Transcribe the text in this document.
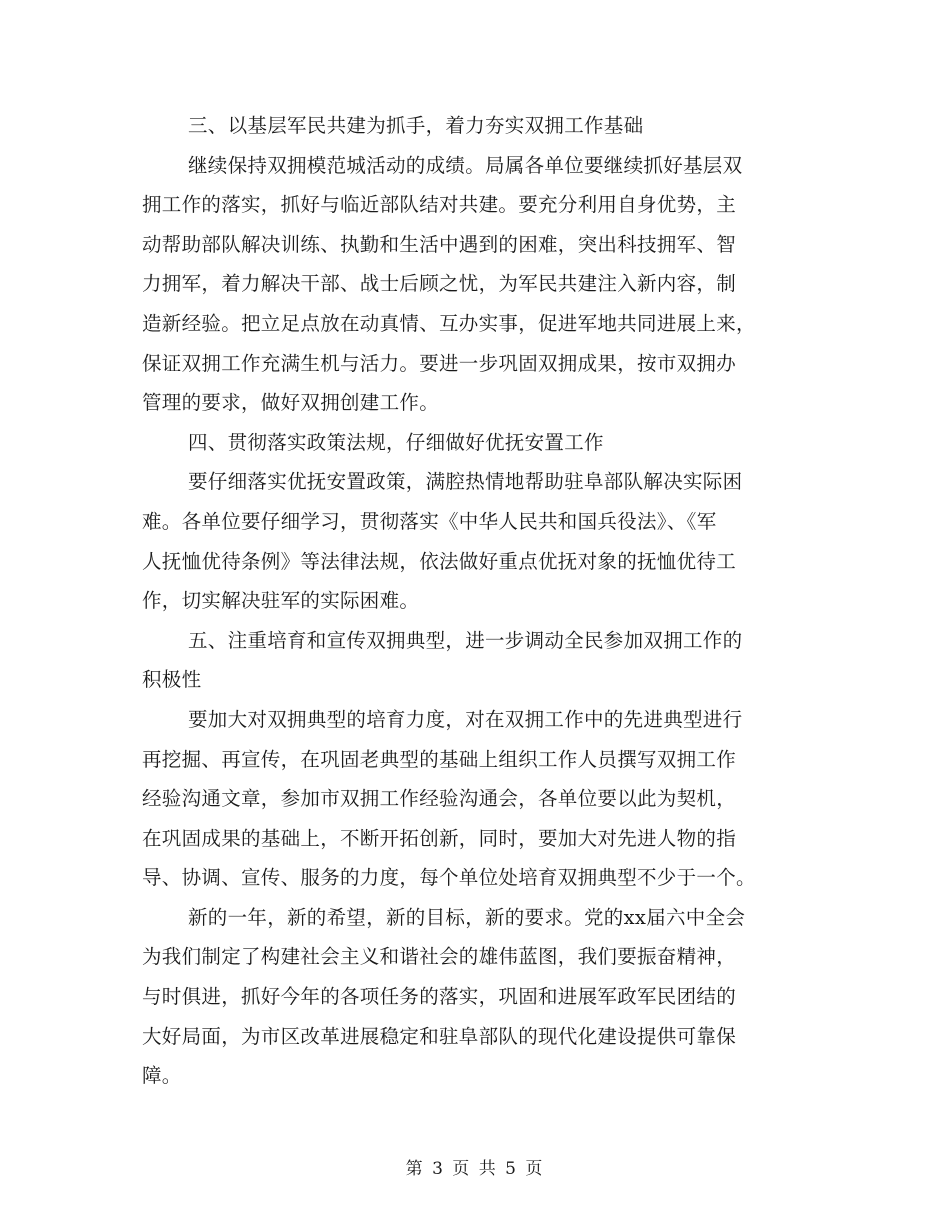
三、以基层军民共建为抓手，着力夯实双拥工作基础
继续保持双拥模范城活动的成绩。局属各单位要继续抓好基层双
拥工作的落实，抓好与临近部队结对共建。要充分利用自身优势，主
动帮助部队解决训练、执勤和生活中遇到的困难，突出科技拥军、智
力拥军，着力解决干部、战士后顾之忧，为军民共建注入新内容，制
造新经验。把立足点放在动真情、互办实事，促进军地共同进展上来，
保证双拥工作充满生机与活力。要进一步巩固双拥成果，按市双拥办
管理的要求，做好双拥创建工作。
四、贯彻落实政策法规，仔细做好优抚安置工作
要仔细落实优抚安置政策，满腔热情地帮助驻阜部队解决实际困
难。各单位要仔细学习，贯彻落实《中华人民共和国兵役法》、《军
人抚恤优待条例》等法律法规，依法做好重点优抚对象的抚恤优待工
作，切实解决驻军的实际困难。
五、注重培育和宣传双拥典型，进一步调动全民参加双拥工作的
积极性
要加大对双拥典型的培育力度，对在双拥工作中的先进典型进行
再挖掘、再宣传，在巩固老典型的基础上组织工作人员撰写双拥工作
经验沟通文章，参加市双拥工作经验沟通会，各单位要以此为契机，
在巩固成果的基础上，不断开拓创新，同时，要加大对先进人物的指
导、协调、宣传、服务的力度，每个单位处培育双拥典型不少于一个。
新的一年，新的希望，新的目标，新的要求。党的xx届六中全会
为我们制定了构建社会主义和谐社会的雄伟蓝图，我们要振奋精神，
与时俱进，抓好今年的各项任务的落实，巩固和进展军政军民团结的
大好局面，为市区改革进展稳定和驻阜部队的现代化建设提供可靠保
障。
第 3 页 共 5 页
